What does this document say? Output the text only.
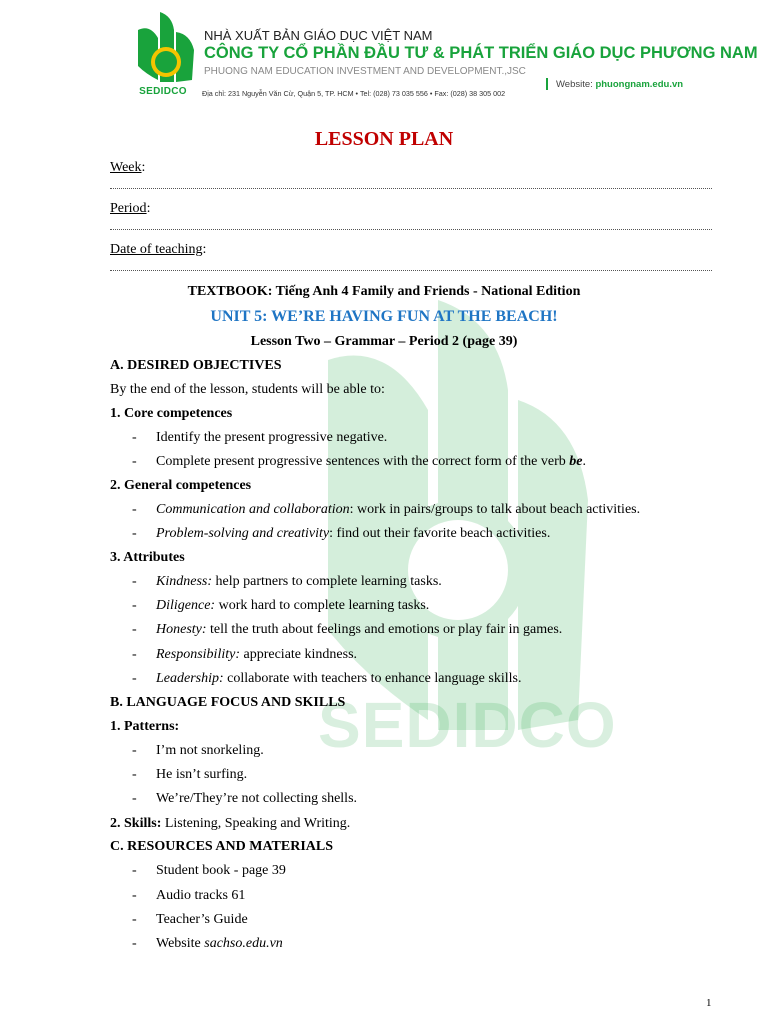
SEDIDCO
SEDIDCO
NHÀ XUẤT BẢN GIÁO DỤC VIỆT NAM
CÔNG TY CỔ PHẦN ĐẦU TƯ & PHÁT TRIỂN GIÁO DỤC PHƯƠNG NAM
PHUONG NAM EDUCATION INVESTMENT AND DEVELOPMENT.,JSC
Website: phuongnam.edu.vn
Địa chỉ: 231 Nguyễn Văn Cừ, Quận 5, TP. HCM • Tel: (028) 73 035 556 • Fax: (028) 38 305 002
LESSON PLAN
Week:
Period:
Date of teaching:
TEXTBOOK: Tiếng Anh 4 Family and Friends - National Edition
UNIT 5: WE’RE HAVING FUN AT THE BEACH!
Lesson Two – Grammar – Period 2 (page 39)
A. DESIRED OBJECTIVES
By the end of the lesson, students will be able to:
1. Core competences
- Identify the present progressive negative.
- Complete present progressive sentences with the correct form of the verb be.
2. General competences
- Communication and collaboration: work in pairs/groups to talk about beach activities.
- Problem-solving and creativity: find out their favorite beach activities.
3. Attributes
- Kindness: help partners to complete learning tasks.
- Diligence: work hard to complete learning tasks.
- Honesty: tell the truth about feelings and emotions or play fair in games.
- Responsibility: appreciate kindness.
- Leadership: collaborate with teachers to enhance language skills.
B. LANGUAGE FOCUS AND SKILLS
1. Patterns:
- I’m not snorkeling.
- He isn’t surfing.
- We’re/They’re not collecting shells.
2. Skills: Listening, Speaking and Writing.
C. RESOURCES AND MATERIALS
- Student book - page 39
- Audio tracks 61
- Teacher’s Guide
- Website sachso.edu.vn
1
